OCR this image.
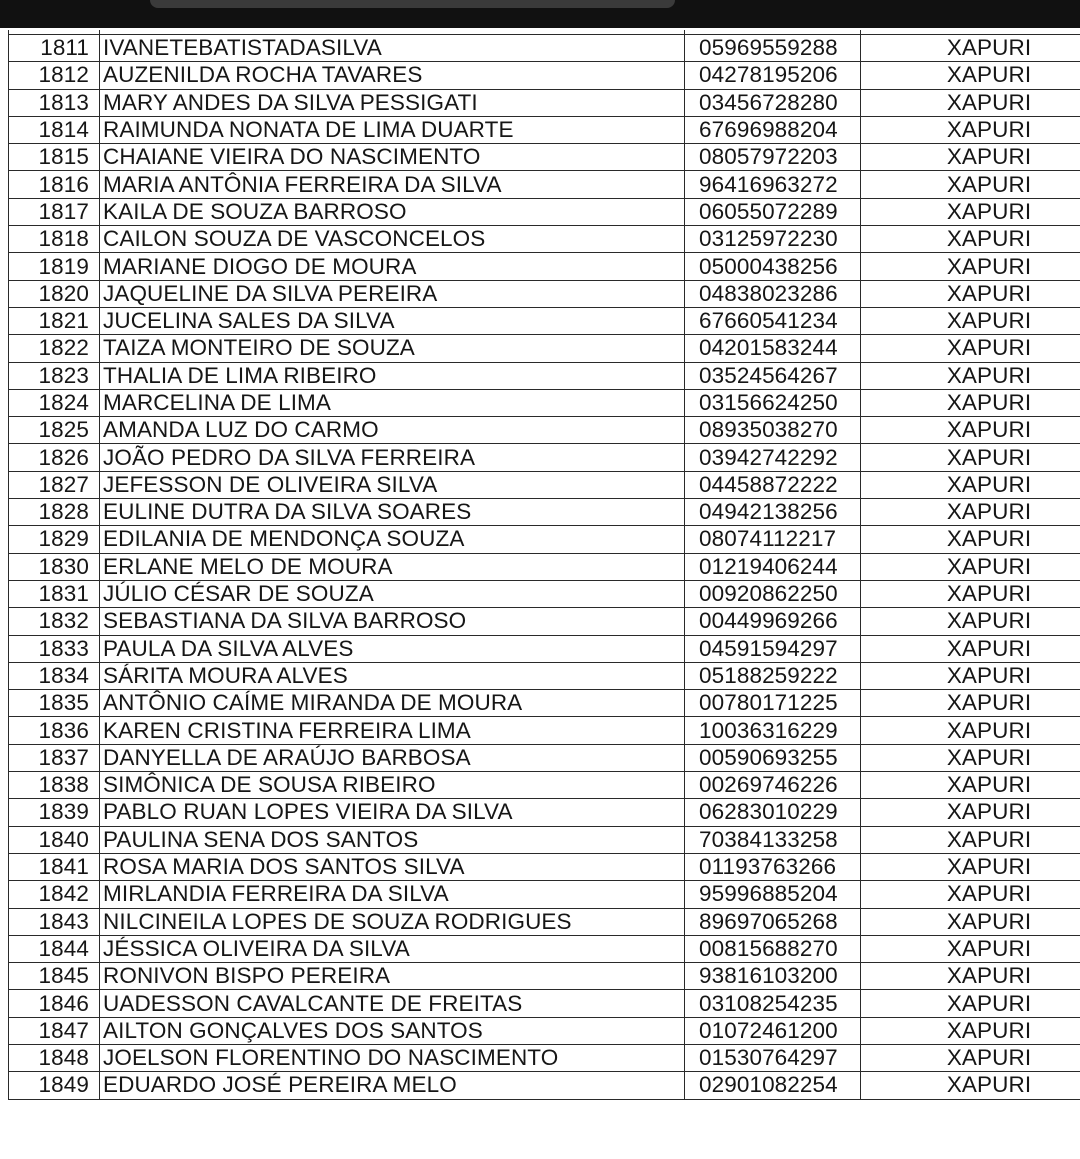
1811	IVANETEBATISTADASILVA	05969559288	XAPURI
1812	AUZENILDA ROCHA TAVARES	04278195206	XAPURI
1813	MARY ANDES DA SILVA PESSIGATI	03456728280	XAPURI
1814	RAIMUNDA NONATA DE LIMA DUARTE	67696988204	XAPURI
1815	CHAIANE VIEIRA DO NASCIMENTO	08057972203	XAPURI
1816	MARIA ANTÔNIA FERREIRA DA SILVA	96416963272	XAPURI
1817	KAILA DE SOUZA BARROSO	06055072289	XAPURI
1818	CAILON SOUZA DE VASCONCELOS	03125972230	XAPURI
1819	MARIANE DIOGO DE MOURA	05000438256	XAPURI
1820	JAQUELINE DA SILVA PEREIRA	04838023286	XAPURI
1821	JUCELINA SALES DA SILVA	67660541234	XAPURI
1822	TAIZA MONTEIRO DE SOUZA	04201583244	XAPURI
1823	THALIA DE LIMA RIBEIRO	03524564267	XAPURI
1824	MARCELINA DE LIMA	03156624250	XAPURI
1825	AMANDA LUZ DO CARMO	08935038270	XAPURI
1826	JOÃO PEDRO DA SILVA FERREIRA	03942742292	XAPURI
1827	JEFESSON DE OLIVEIRA SILVA	04458872222	XAPURI
1828	EULINE DUTRA DA SILVA SOARES	04942138256	XAPURI
1829	EDILANIA DE MENDONÇA SOUZA	08074112217	XAPURI
1830	ERLANE MELO DE MOURA	01219406244	XAPURI
1831	JÚLIO CÉSAR DE SOUZA	00920862250	XAPURI
1832	SEBASTIANA DA SILVA BARROSO	00449969266	XAPURI
1833	PAULA DA SILVA ALVES	04591594297	XAPURI
1834	SÁRITA MOURA ALVES	05188259222	XAPURI
1835	ANTÔNIO CAÍME MIRANDA DE MOURA	00780171225	XAPURI
1836	KAREN CRISTINA FERREIRA LIMA	10036316229	XAPURI
1837	DANYELLA DE ARAÚJO BARBOSA	00590693255	XAPURI
1838	SIMÔNICA DE SOUSA RIBEIRO	00269746226	XAPURI
1839	PABLO RUAN LOPES VIEIRA DA SILVA	06283010229	XAPURI
1840	PAULINA SENA DOS SANTOS	70384133258	XAPURI
1841	ROSA MARIA DOS SANTOS SILVA	01193763266	XAPURI
1842	MIRLANDIA FERREIRA DA SILVA	95996885204	XAPURI
1843	NILCINEILA LOPES DE SOUZA RODRIGUES	89697065268	XAPURI
1844	JÉSSICA OLIVEIRA DA SILVA	00815688270	XAPURI
1845	RONIVON BISPO PEREIRA	93816103200	XAPURI
1846	UADESSON CAVALCANTE DE FREITAS	03108254235	XAPURI
1847	AILTON GONÇALVES DOS SANTOS	01072461200	XAPURI
1848	JOELSON FLORENTINO DO NASCIMENTO	01530764297	XAPURI
1849	EDUARDO JOSÉ PEREIRA MELO	02901082254	XAPURI
